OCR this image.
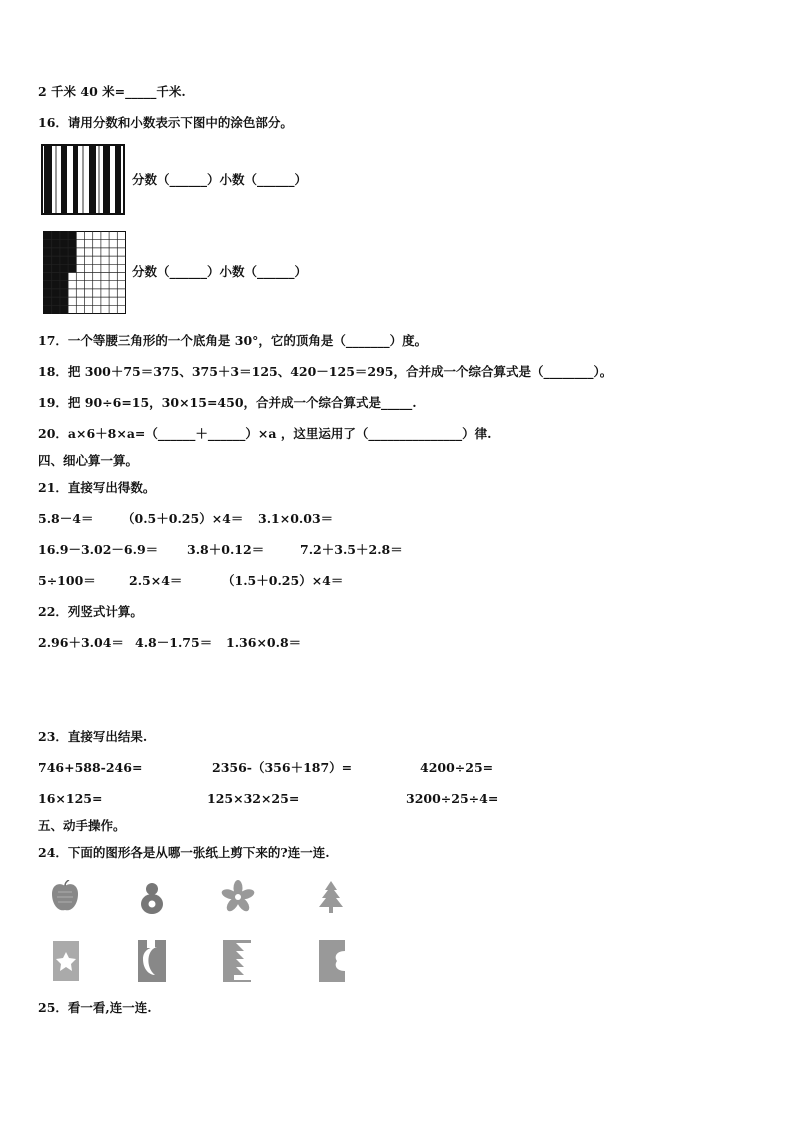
2 千米 40 米=_____千米.
16．请用分数和小数表示下图中的涂色部分。
分数（______）小数（______）
分数（______）小数（______）
17．一个等腰三角形的一个底角是 30°，它的顶角是（_______）度。
18．把 300＋75＝375、375＋3＝125、420－125＝295，合并成一个综合算式是（________）。
19．把 90÷6=15，30×15=450，合并成一个综合算式是_____.
20．a×6＋8×a=（______＋______）×a ，这里运用了（_______________）律.
四、细心算一算。
21．直接写出得数。
5.8－4＝ （0.5＋0.25）×4＝ 3.1×0.03＝
16.9－3.02－6.9＝ 3.8＋0.12＝	7.2＋3.5＋2.8＝
5÷100＝	2.5×4＝	（1.5＋0.25）×4＝
22．列竖式计算。
2.96＋3.04＝ 4.8－1.75＝ 1.36×0.8＝
23．直接写出结果.
746+588-246=	2356-（356＋187）=	4200÷25=
16×125=	125×32×25=	3200÷25÷4=
五、动手操作。
24．下面的图形各是从哪一张纸上剪下来的?连一连.
25．看一看,连一连.
